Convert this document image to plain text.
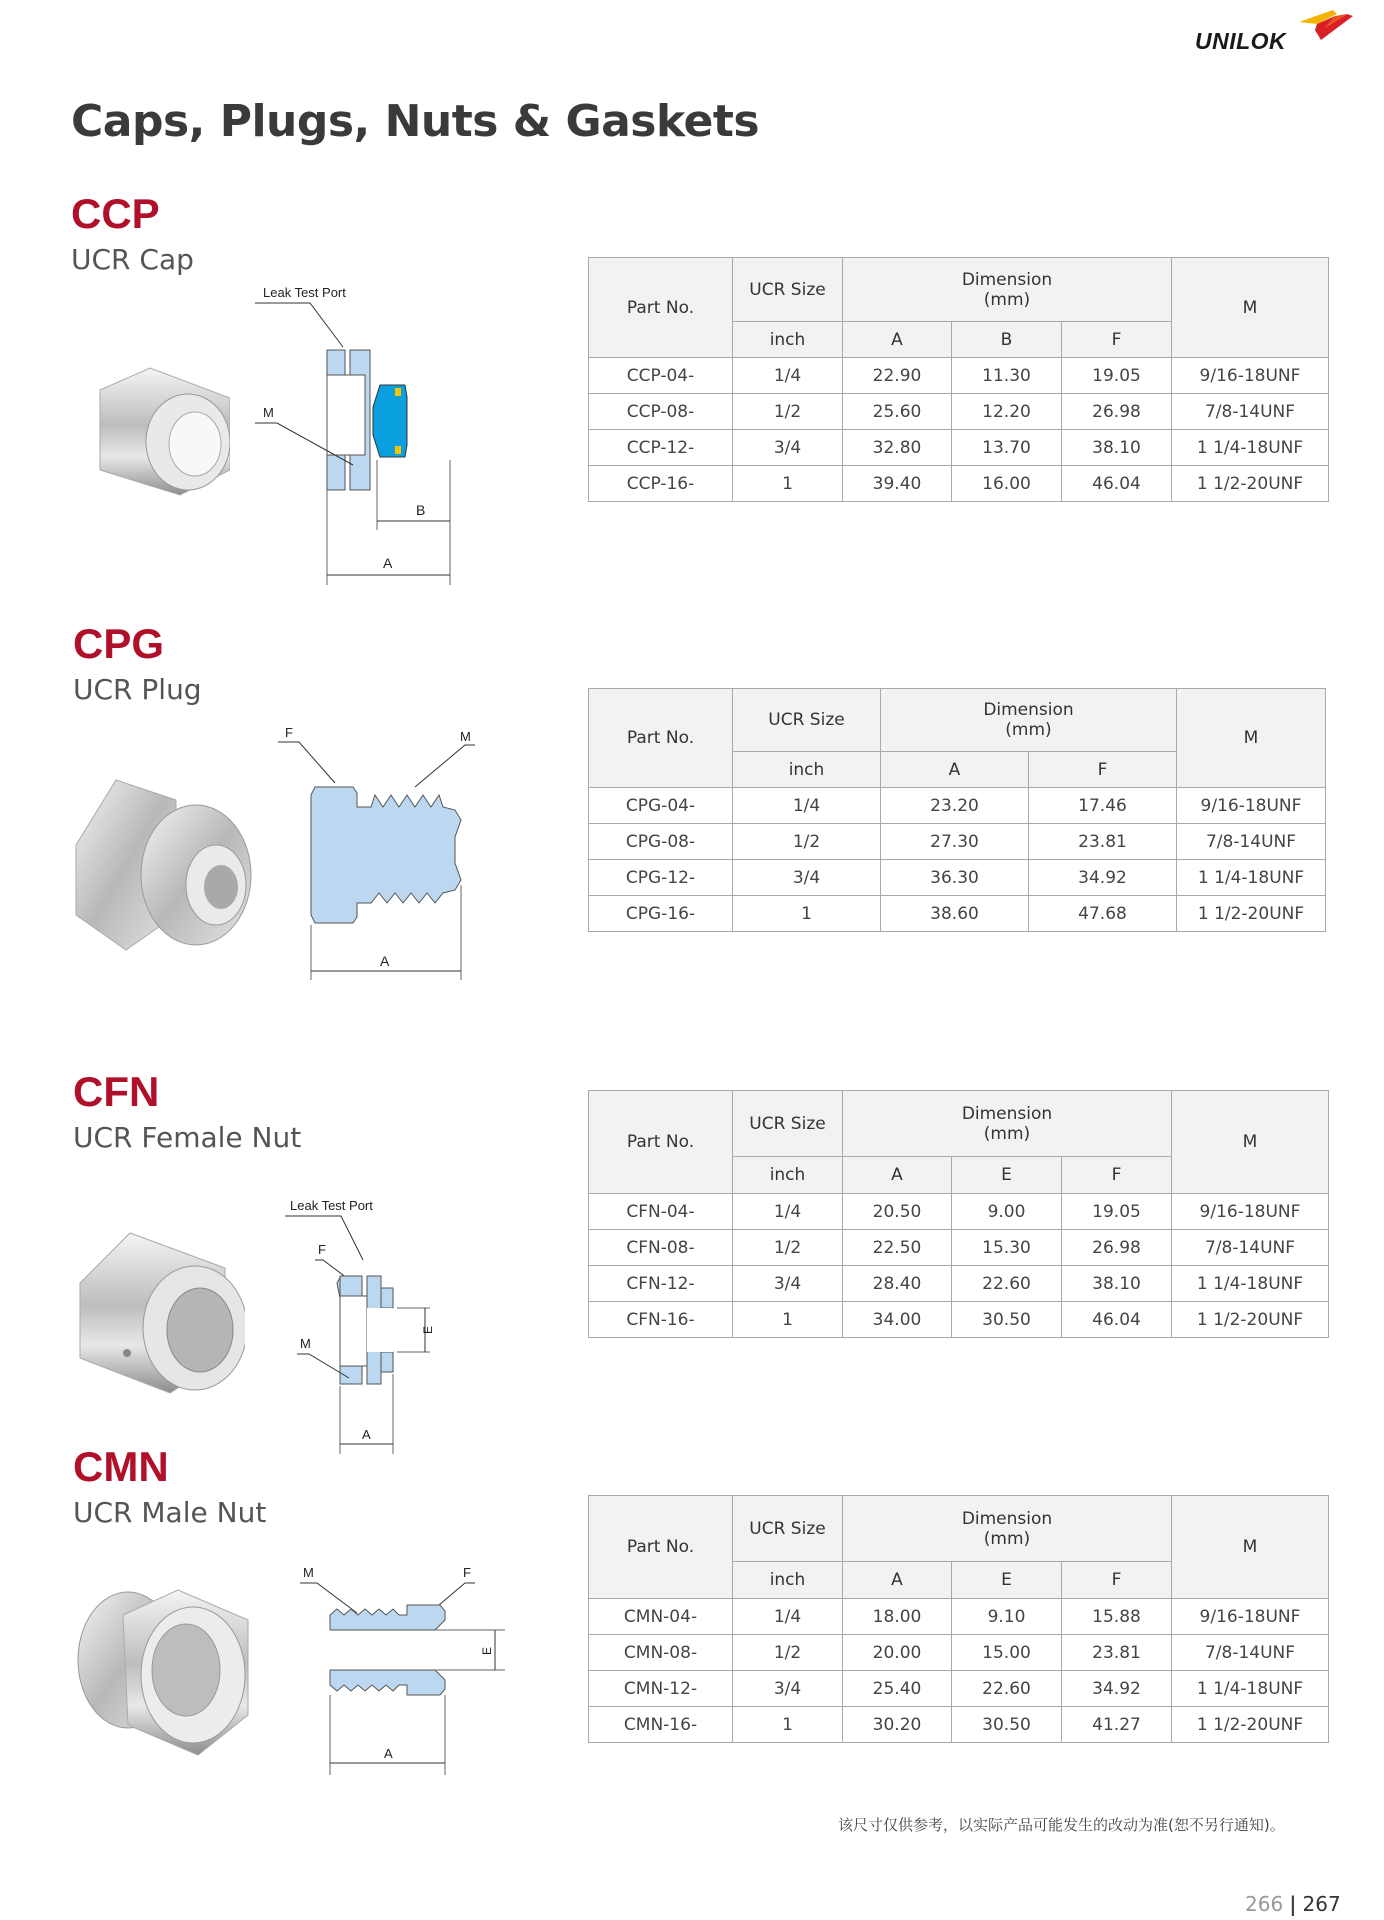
UNILOK
Caps, Plugs, Nuts & Gaskets
CCP
UCR Cap
Leak Test Port
M
B
A
Part No.	UCR Size	Dimension
(mm)			M
	inch	A	B	F	
CCP-04-	1/4	22.90	11.30	19.05	9/16-18UNF
CCP-08-	1/2	25.60	12.20	26.98	7/8-14UNF
CCP-12-	3/4	32.80	13.70	38.10	1 1/4-18UNF
CCP-16-	1	39.40	16.00	46.04	1 1/2-20UNF
CPG
UCR Plug
F	M
A
Part No.	UCR Size	Dimension
(mm)		M
	inch	A	F	
CPG-04-	1/4	23.20	17.46	9/16-18UNF
CPG-08-	1/2	27.30	23.81	7/8-14UNF
CPG-12-	3/4	36.30	34.92	1 1/4-18UNF
CPG-16-	1	38.60	47.68	1 1/2-20UNF
CFN
UCR Female Nut
Leak Test Port
F
M
E
A
Part No.	UCR Size	Dimension
(mm)			M
	inch	A	E	F	
CFN-04-	1/4	20.50	9.00	19.05	9/16-18UNF
CFN-08-	1/2	22.50	15.30	26.98	7/8-14UNF
CFN-12-	3/4	28.40	22.60	38.10	1 1/4-18UNF
CFN-16-	1	34.00	30.50	46.04	1 1/2-20UNF
CMN
UCR Male Nut
M	F
E
A
Part No.	UCR Size	Dimension
(mm)			M
	inch	A	E	F	
CMN-04-	1/4	18.00	9.10	15.88	9/16-18UNF
CMN-08-	1/2	20.00	15.00	23.81	7/8-14UNF
CMN-12-	3/4	25.40	22.60	34.92	1 1/4-18UNF
CMN-16-	1	30.20	30.50	41.27	1 1/2-20UNF
该尺寸仅供参考，以实际产品可能发生的改动为准(恕不另行通知)。
266 | 267
